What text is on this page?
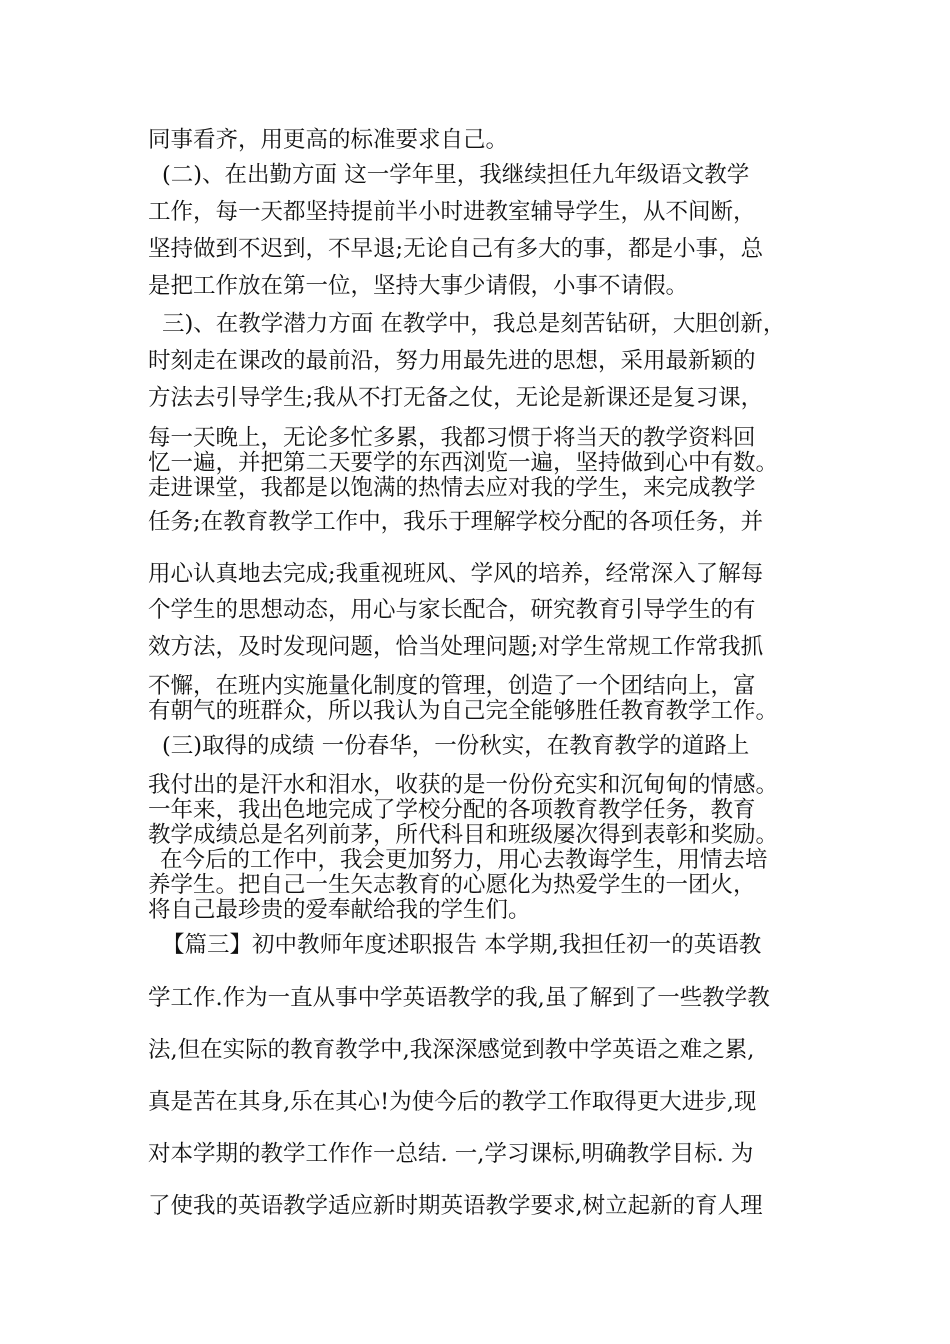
同事看齐，用更高的标准要求自己。
(二)、在出勤方面 这一学年里，我继续担任九年级语文教学
工作，每一天都坚持提前半小时进教室辅导学生，从不间断，
坚持做到不迟到，不早退;无论自己有多大的事，都是小事，总
是把工作放在第一位，坚持大事少请假，小事不请假。
三)、在教学潜力方面 在教学中，我总是刻苦钻研，大胆创新，
时刻走在课改的最前沿，努力用最先进的思想，采用最新颖的
方法去引导学生;我从不打无备之仗，无论是新课还是复习课，
每一天晚上，无论多忙多累，我都习惯于将当天的教学资料回
忆一遍，并把第二天要学的东西浏览一遍，坚持做到心中有数。
走进课堂，我都是以饱满的热情去应对我的学生，来完成教学
任务;在教育教学工作中，我乐于理解学校分配的各项任务，并
用心认真地去完成;我重视班风、学风的培养，经常深入了解每
个学生的思想动态，用心与家长配合，研究教育引导学生的有
效方法，及时发现问题，恰当处理问题;对学生常规工作常我抓
不懈，在班内实施量化制度的管理，创造了一个团结向上，富
有朝气的班群众，所以我认为自己完全能够胜任教育教学工作。
(三)取得的成绩 一份春华，一份秋实，在教育教学的道路上
我付出的是汗水和泪水，收获的是一份份充实和沉甸甸的情感。
一年来，我出色地完成了学校分配的各项教育教学任务，教育
教学成绩总是名列前茅，所代科目和班级屡次得到表彰和奖励。
在今后的工作中，我会更加努力，用心去教诲学生，用情去培
养学生。把自己一生矢志教育的心愿化为热爱学生的一团火，
将自己最珍贵的爱奉献给我的学生们。
【篇三】初中教师年度述职报告 本学期,我担任初一的英语教
学工作.作为一直从事中学英语教学的我,虽了解到了一些教学教
法,但在实际的教育教学中,我深深感觉到教中学英语之难之累,
真是苦在其身,乐在其心!为使今后的教学工作取得更大进步,现
对本学期的教学工作作一总结. 一,学习课标,明确教学目标. 为
了使我的英语教学适应新时期英语教学要求,树立起新的育人理
